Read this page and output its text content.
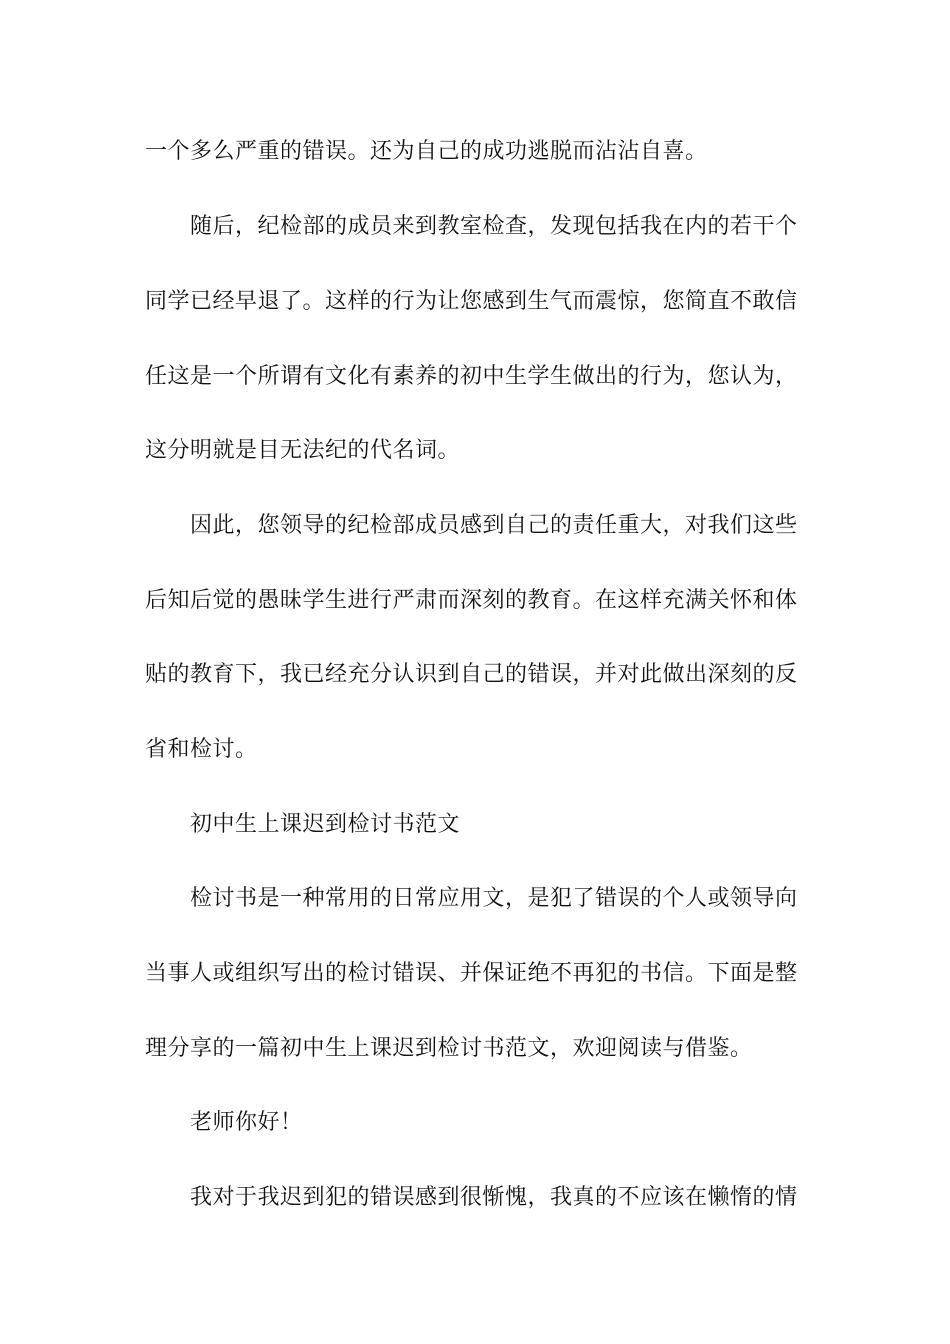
一个多么严重的错误。还为自己的成功逃脱而沾沾自喜。
随后，纪检部的成员来到教室检查，发现包括我在内的若干个
同学已经早退了。这样的行为让您感到生气而震惊，您简直不敢信
任这是一个所谓有文化有素养的初中生学生做出的行为，您认为，
这分明就是目无法纪的代名词。
因此，您领导的纪检部成员感到自己的责任重大，对我们这些
后知后觉的愚昧学生进行严肃而深刻的教育。在这样充满关怀和体
贴的教育下，我已经充分认识到自己的错误，并对此做出深刻的反
省和检讨。
初中生上课迟到检讨书范文
检讨书是一种常用的日常应用文，是犯了错误的个人或领导向
当事人或组织写出的检讨错误、并保证绝不再犯的书信。下面是整
理分享的一篇初中生上课迟到检讨书范文，欢迎阅读与借鉴。
老师你好！
我对于我迟到犯的错误感到很惭愧，我真的不应该在懒惰的情
